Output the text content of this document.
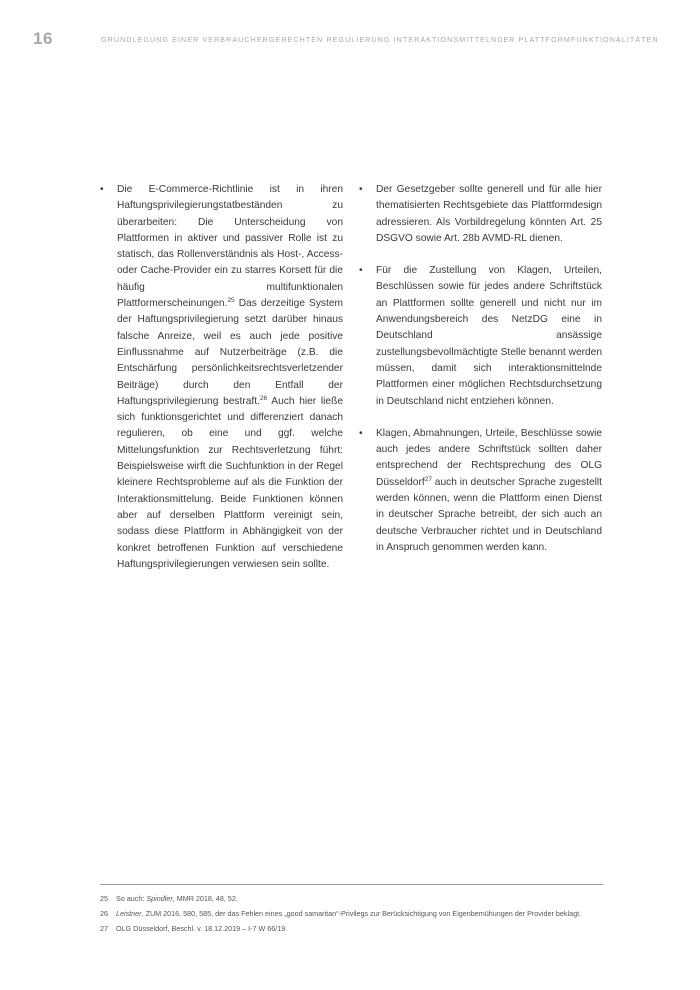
16	GRUNDLEGUNG EINER VERBRAUCHERGERECHTEN REGULIERUNG INTERAKTIONSMITTELNDER PLATTFORMFUNKTIONALITÄTEN
•	Die E-Commerce-Richtlinie ist in ihren Haftungsprivilegierungstatbeständen zu überarbeiten: Die Unterscheidung von Plattformen in aktiver und passiver Rolle ist zu statisch, das Rollenverständnis als Host-, Access- oder Cache-Provider ein zu starres Korsett für die häufig multifunktionalen Plattformerscheinungen.$^{25}$ Das derzeitige System der Haftungsprivilegierung setzt darüber hinaus falsche Anreize, weil es auch jede positive Einflussnahme auf Nutzerbeiträge (z.B. die Entschärfung persönlichkeitsrechtsverletzender Beiträge) durch den Entfall der Haftungsprivilegierung bestraft.$^{26}$ Auch hier ließe sich funktionsgerichtet und differenziert danach regulieren, ob eine und ggf. welche Mittelungsfunktion zur Rechtsverletzung führt: Beispielsweise wirft die Suchfunktion in der Regel kleinere Rechtsprobleme auf als die Funktion der Interaktionsmittelung. Beide Funktionen können aber auf derselben Plattform vereinigt sein, sodass diese Plattform in Abhängigkeit von der konkret betroffenen Funktion auf verschiedene Haftungsprivilegierungen verwiesen sein sollte.
•	Der Gesetzgeber sollte generell und für alle hier thematisierten Rechtsgebiete das Plattformdesign adressieren. Als Vorbildregelung könnten Art. 25 DSGVO sowie Art. 28b AVMD-RL dienen.
•	Für die Zustellung von Klagen, Urteilen, Beschlüssen sowie für jedes andere Schriftstück an Plattformen sollte generell und nicht nur im Anwendungsbereich des NetzDG eine in Deutschland ansässige zustellungsbevollmächtigte Stelle benannt werden müssen, damit sich interaktionsmittelnde Plattformen einer möglichen Rechtsdurchsetzung in Deutschland nicht entziehen können.
•	Klagen, Abmahnungen, Urteile, Beschlüsse sowie auch jedes andere Schriftstück sollten daher entsprechend der Rechtsprechung des OLG Düsseldorf$^{27}$ auch in deutscher Sprache zugestellt werden können, wenn die Plattform einen Dienst in deutscher Sprache betreibt, der sich auch an deutsche Verbraucher richtet und in Deutschland in Anspruch genommen werden kann.
25 So auch: Spindler, MMR 2018, 48, 52.
26 Leistner, ZUM 2016, 580, 585, der das Fehlen eines „good samaritan“-Privilegs zur Berücksichtigung von Eigenbemühungen der Provider beklagt.
27 OLG Düsseldorf, Beschl. v. 18.12.2019 – I-7 W 66/19.
